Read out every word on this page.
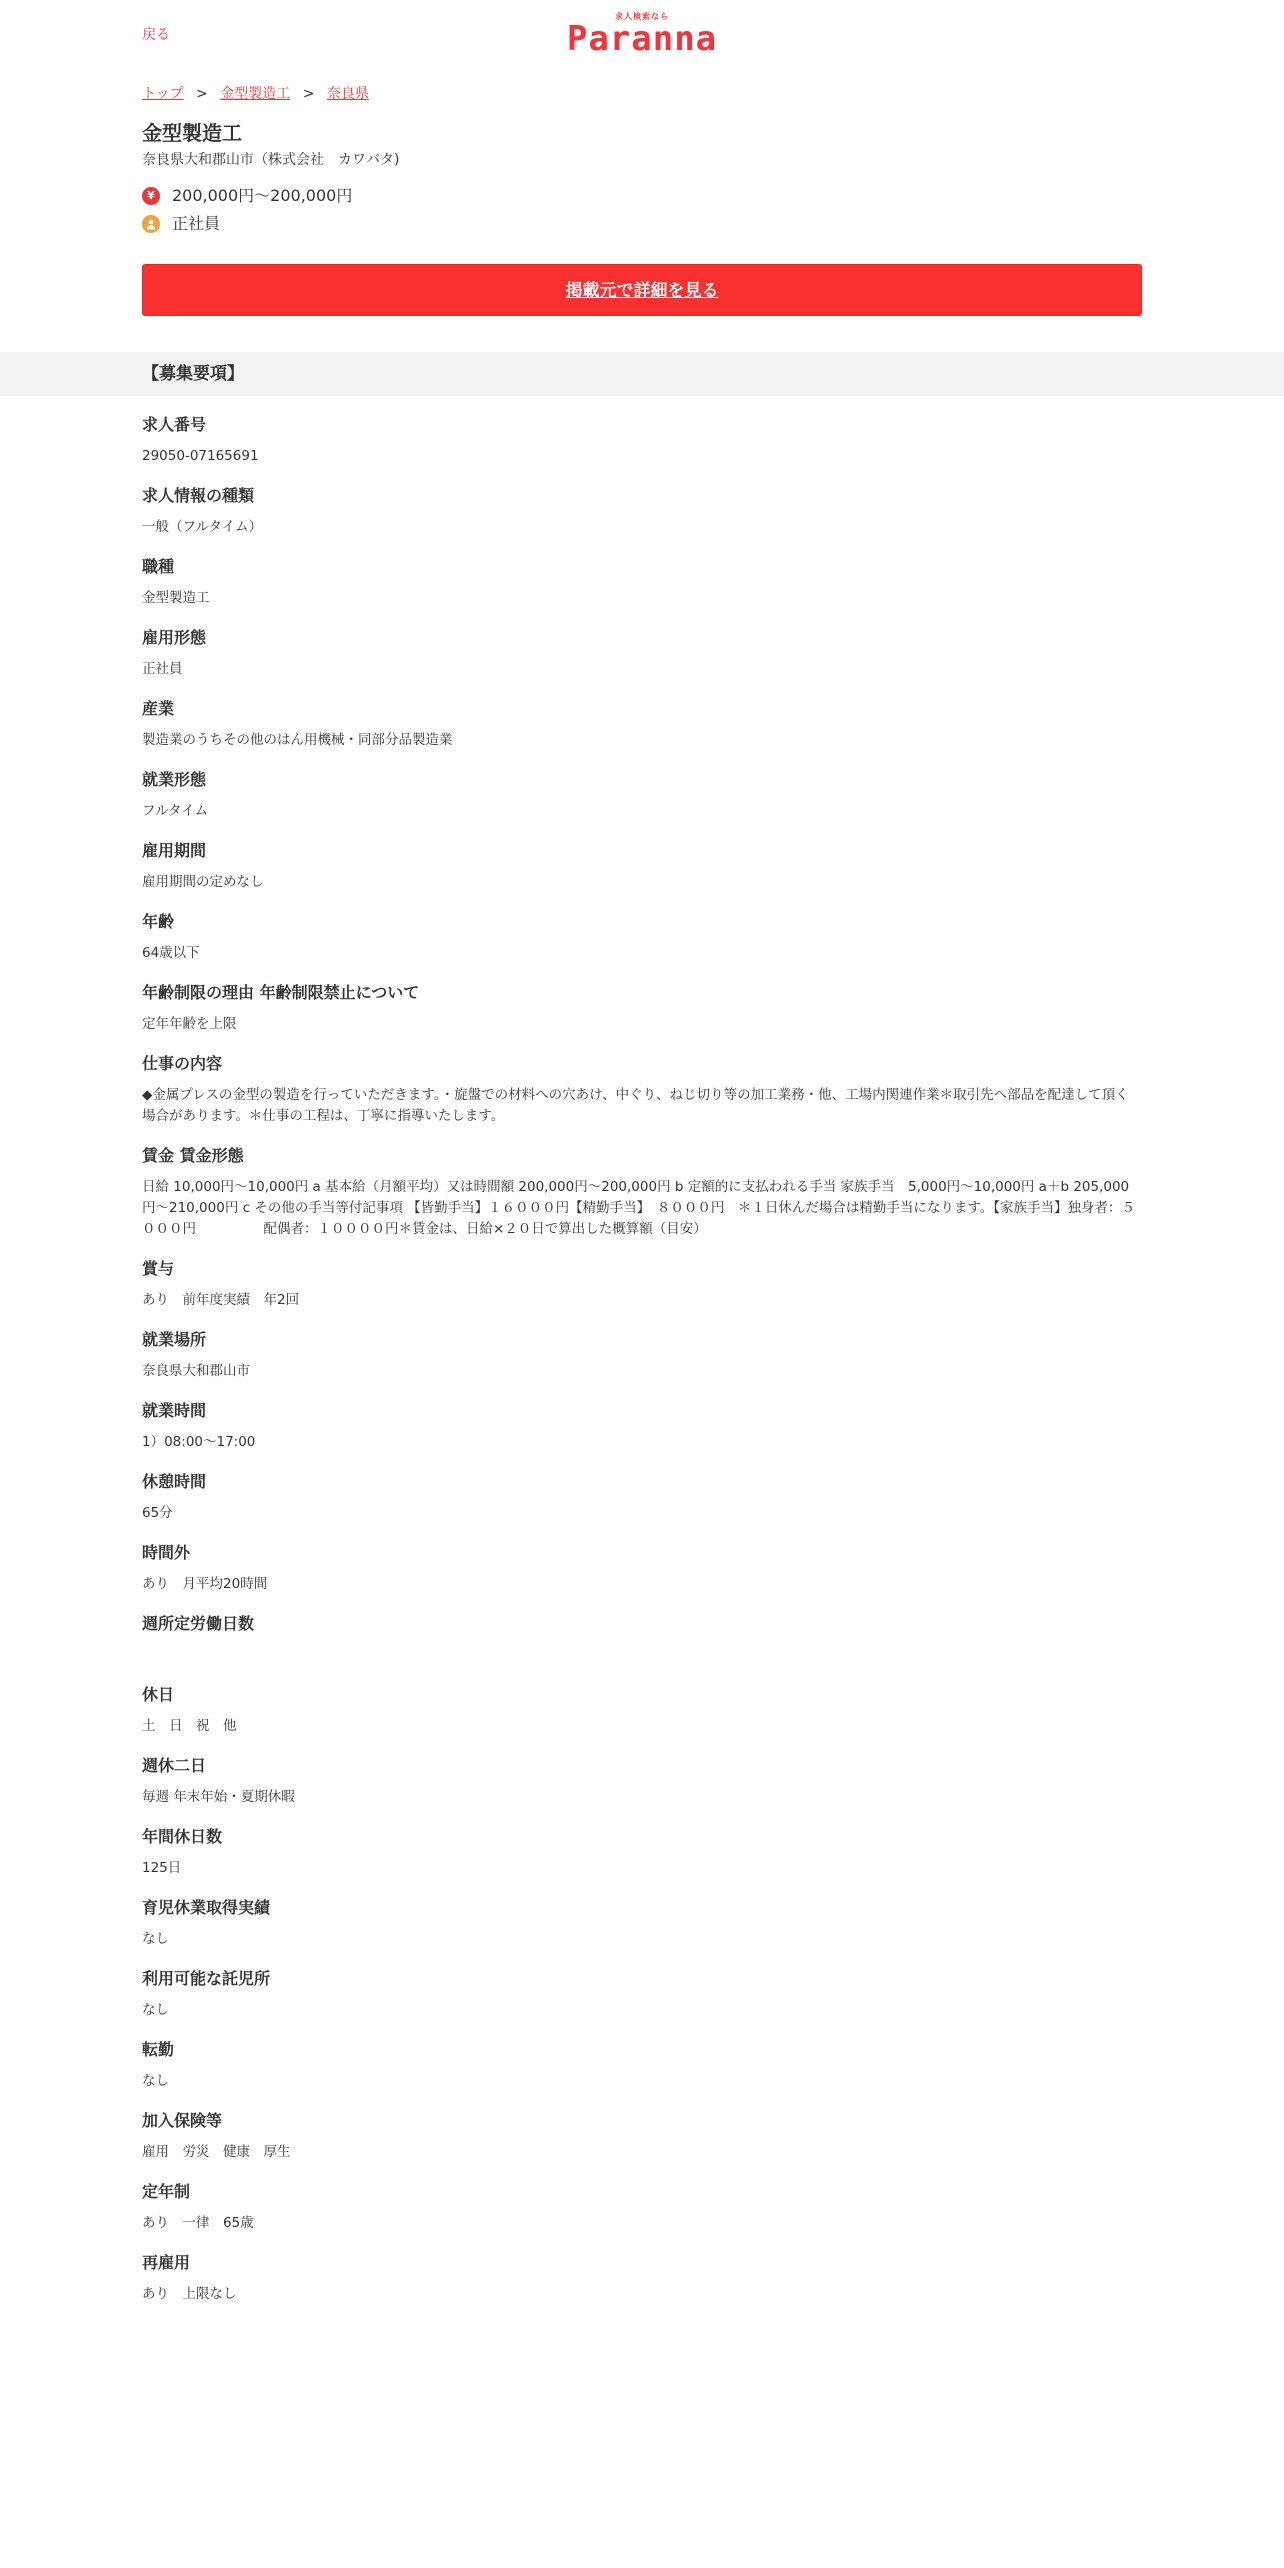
戻る
求人検索なら
Paranna
トップ > 金型製造工 > 奈良県
金型製造工
奈良県大和郡山市（株式会社　カワバタ)
¥	200,000円～200,000円
正社員
掲載元で詳細を見る
【募集要項】
求人番号
29050-07165691
求人情報の種類
一般（フルタイム）
職種
金型製造工
雇用形態
正社員
産業
製造業のうちその他のはん用機械・同部分品製造業
就業形態
フルタイム
雇用期間
雇用期間の定めなし
年齢
64歳以下
年齢制限の理由 年齢制限禁止について
定年年齢を上限
仕事の内容
◆金属プレスの金型の製造を行っていただきます。・旋盤での材料への穴あけ、中ぐり、ねじ切り等の加工業務・他、工場内関連作業＊取引先へ部品を配達して頂く場合があります。＊仕事の工程は、丁寧に指導いたします。
賃金 賃金形態
日給 10,000円～10,000円 a 基本給（月額平均）又は時間額 200,000円～200,000円 b 定額的に支払われる手当 家族手当　5,000円～10,000円 a＋b 205,000円～210,000円 c その他の手当等付記事項 【皆勤手当】１６０００円【精勤手当】　８０００円　＊１日休んだ場合は精勤手当になります。【家族手当】独身者：５０００円　　　　　配偶者：１００００円＊賃金は、日給×２０日で算出した概算額（目安）
賞与
あり　前年度実績　年2回
就業場所
奈良県大和郡山市
就業時間
1）08:00～17:00
休憩時間
65分
時間外
あり　月平均20時間
週所定労働日数
休日
土　日　祝　他
週休二日
毎週 年末年始・夏期休暇
年間休日数
125日
育児休業取得実績
なし
利用可能な託児所
なし
転勤
なし
加入保険等
雇用　労災　健康　厚生
定年制
あり　一律　65歳
再雇用
あり　上限なし
